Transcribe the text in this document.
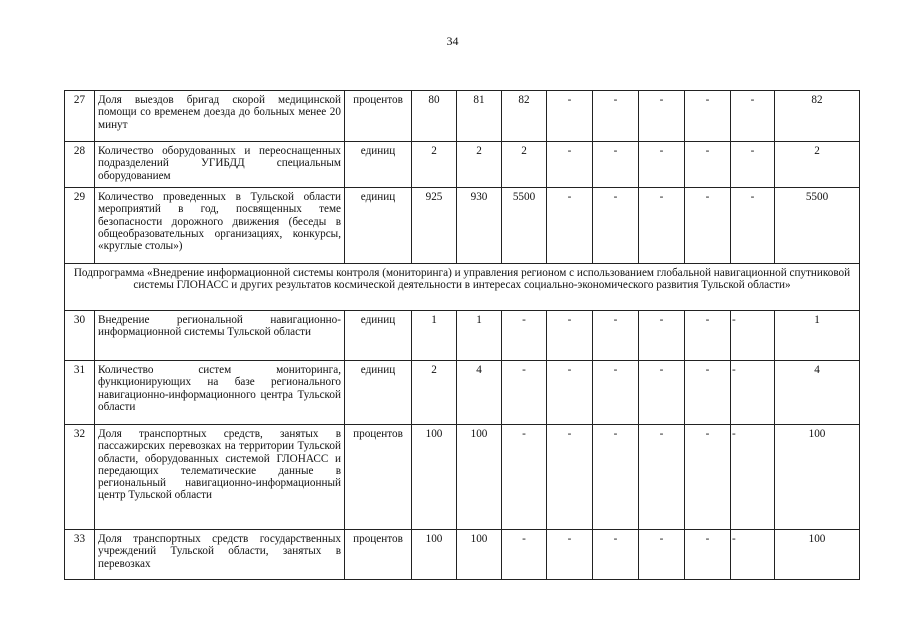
34
27	Доля выездов бригад скорой медицинской помощи со временем доезда до больных менее 20 минут	процентов	80	81	82	-	-	-	-	-	82
28	Количество оборудованных и переоснащенных подразделений УГИБДД специальным оборудованием	единиц	2	2	2	-	-	-	-	-	2
29	Количество проведенных в Тульской области мероприятий в год, посвященных теме безопасности дорожного движения (беседы в общеобразовательных организациях, конкурсы, «круглые столы»)	единиц	925	930	5500	-	-	-	-	-	5500
Подпрограмма «Внедрение информационной системы контроля (мониторинга) и управления регионом с использованием глобальной навигационной спутниковой системы ГЛОНАСС и других результатов космической деятельности в интересах социально-экономического развития Тульской области»											
30	Внедрение региональной навигационно-информационной системы Тульской области	единиц	1	1	-	-	-	-	-	-	1
31	Количество систем мониторинга, функционирующих на базе регионального навигационно-информационного центра Тульской области	единиц	2	4	-	-	-	-	-	-	4
32	Доля транспортных средств, занятых в пассажирских перевозках на территории Тульской области, оборудованных системой ГЛОНАСС и передающих телематические данные в региональный навигационно-информационный центр Тульской области	процентов	100	100	-	-	-	-	-	-	100
33	Доля транспортных средств государственных учреждений Тульской области, занятых в перевозках	процентов	100	100	-	-	-	-	-	-	100
